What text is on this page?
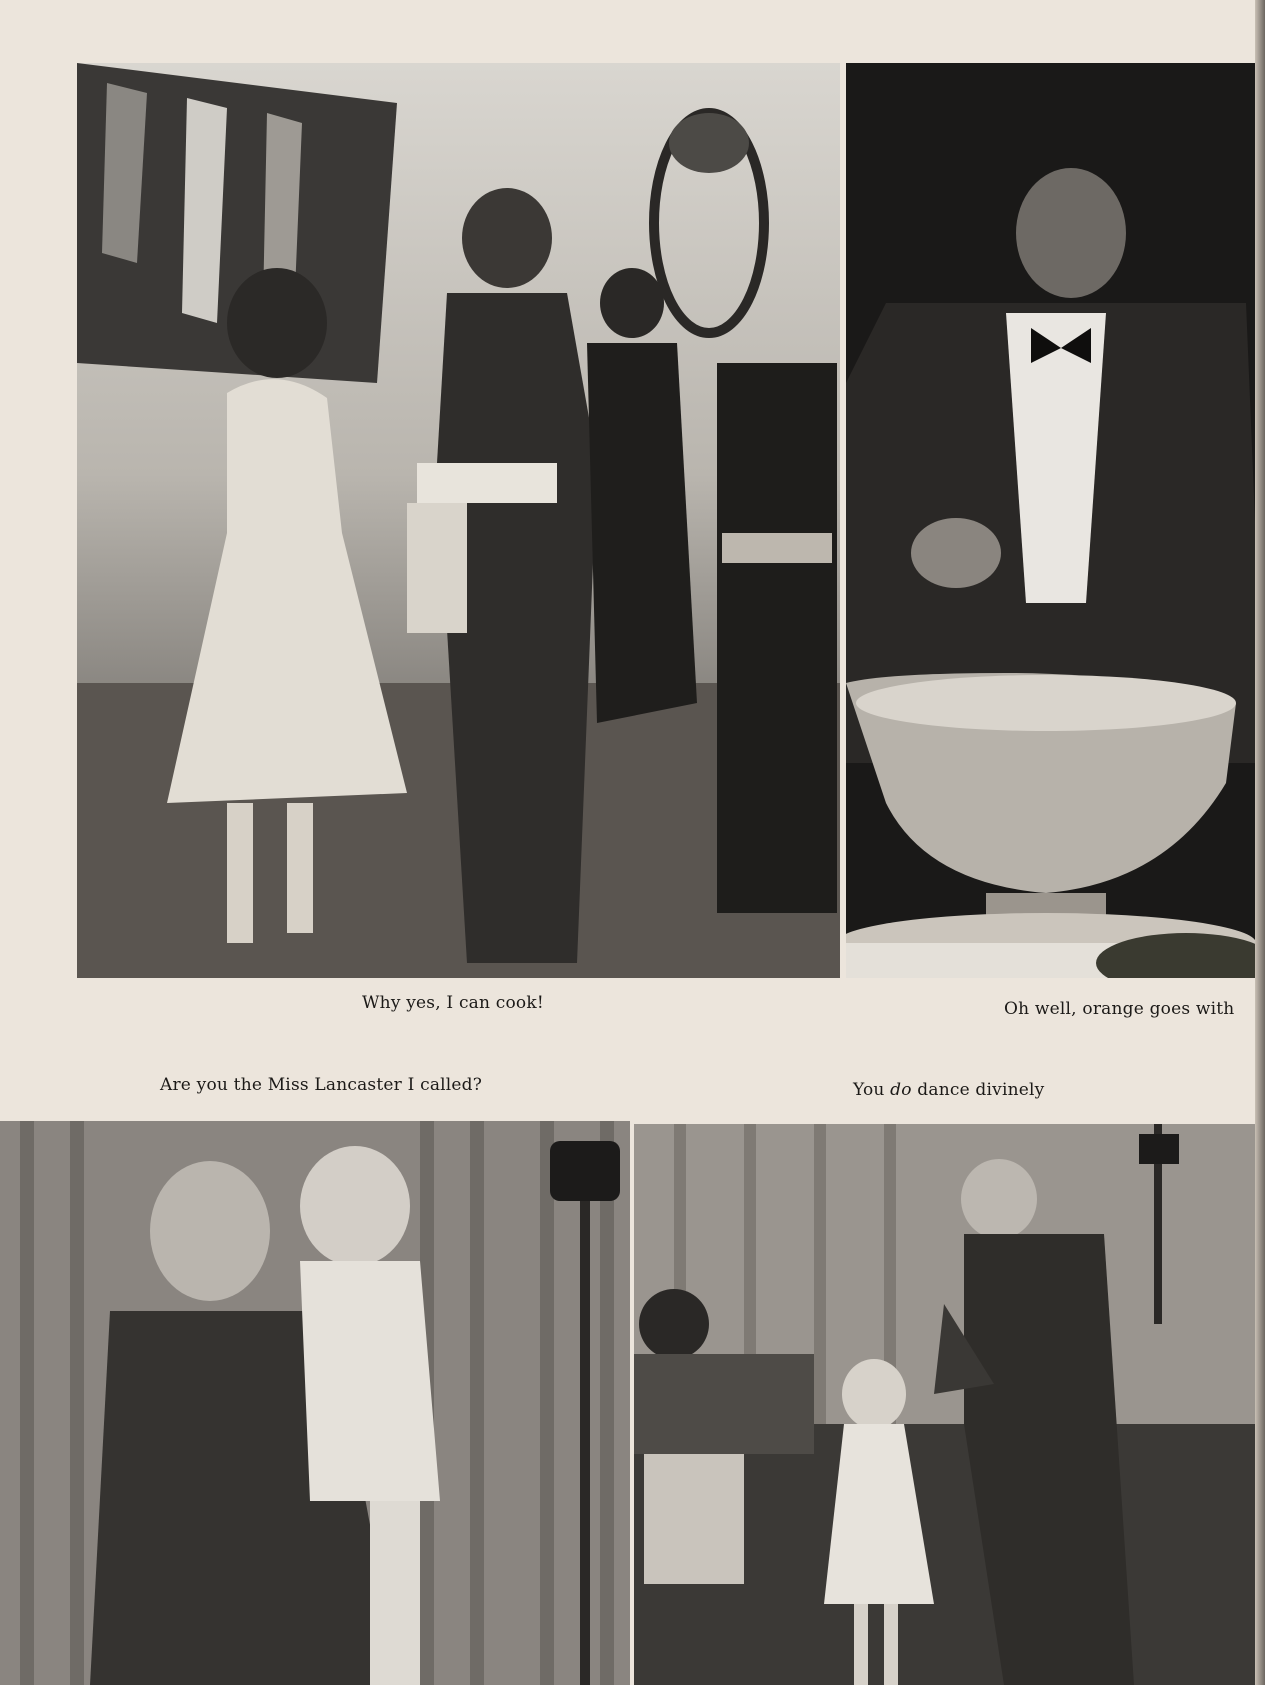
Why yes, I can cook!	Oh well, orange goes with
Are you the Miss Lancaster I called?	You do dance divinely
